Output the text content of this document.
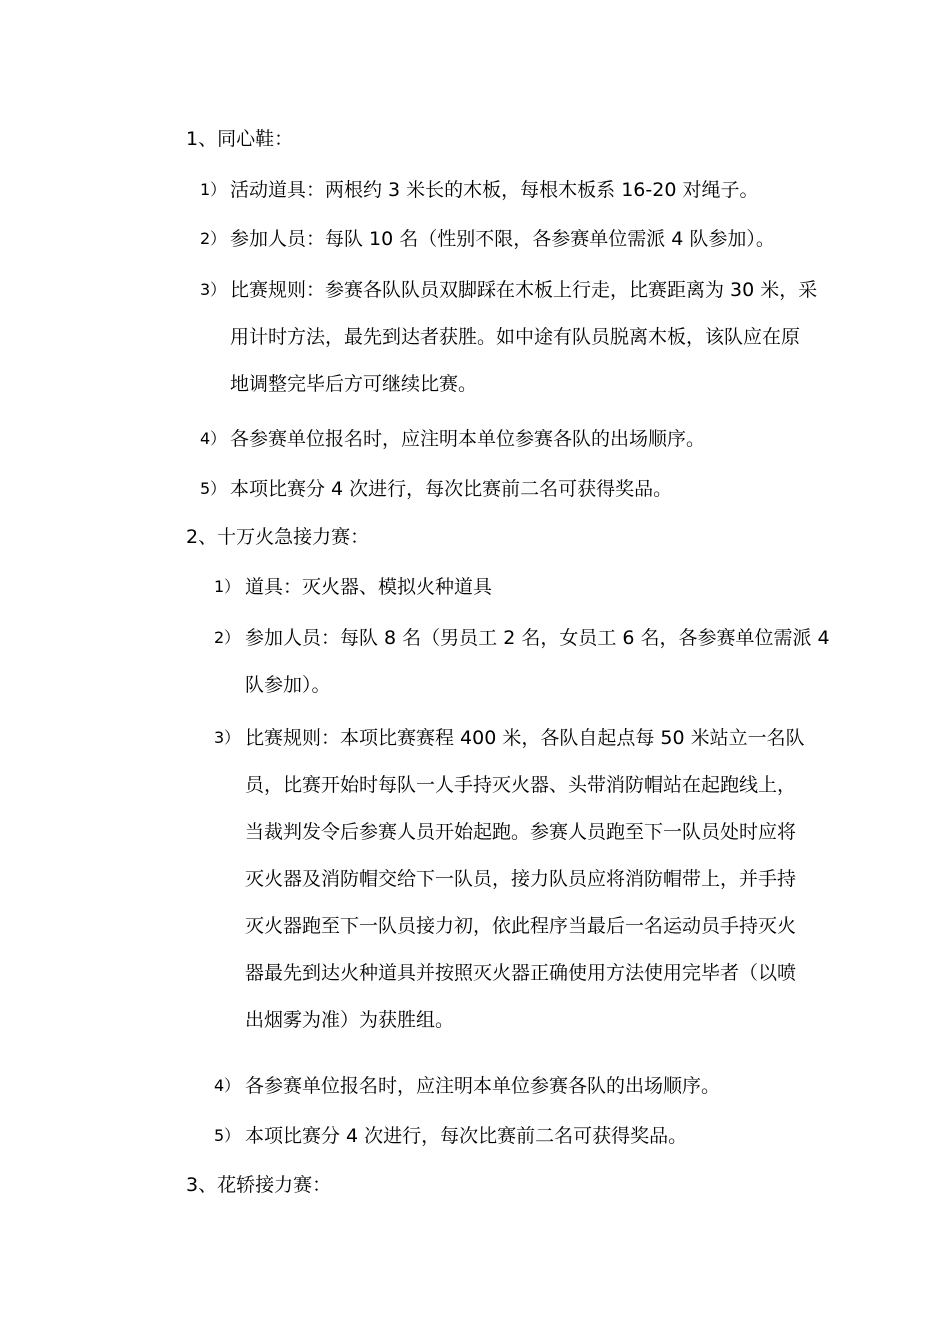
1、同心鞋：
1） 活动道具：两根约 3 米长的木板，每根木板系 16-20 对绳子。
2） 参加人员：每队 10 名（性别不限，各参赛单位需派 4 队参加）。
3） 比赛规则：参赛各队队员双脚踩在木板上行走，比赛距离为 30 米，采
用计时方法，最先到达者获胜。如中途有队员脱离木板，该队应在原
地调整完毕后方可继续比赛。
4） 各参赛单位报名时，应注明本单位参赛各队的出场顺序。
5） 本项比赛分 4 次进行，每次比赛前二名可获得奖品。
2、十万火急接力赛：
1） 道具：灭火器、模拟火种道具
2） 参加人员：每队 8 名（男员工 2 名，女员工 6 名，各参赛单位需派 4
队参加）。
3） 比赛规则：本项比赛赛程 400 米，各队自起点每 50 米站立一名队
员，比赛开始时每队一人手持灭火器、头带消防帽站在起跑线上，
当裁判发令后参赛人员开始起跑。参赛人员跑至下一队员处时应将
灭火器及消防帽交给下一队员，接力队员应将消防帽带上，并手持
灭火器跑至下一队员接力初，依此程序当最后一名运动员手持灭火
器最先到达火种道具并按照灭火器正确使用方法使用完毕者（以喷
出烟雾为准）为获胜组。
4） 各参赛单位报名时，应注明本单位参赛各队的出场顺序。
5） 本项比赛分 4 次进行，每次比赛前二名可获得奖品。
3、花轿接力赛：
